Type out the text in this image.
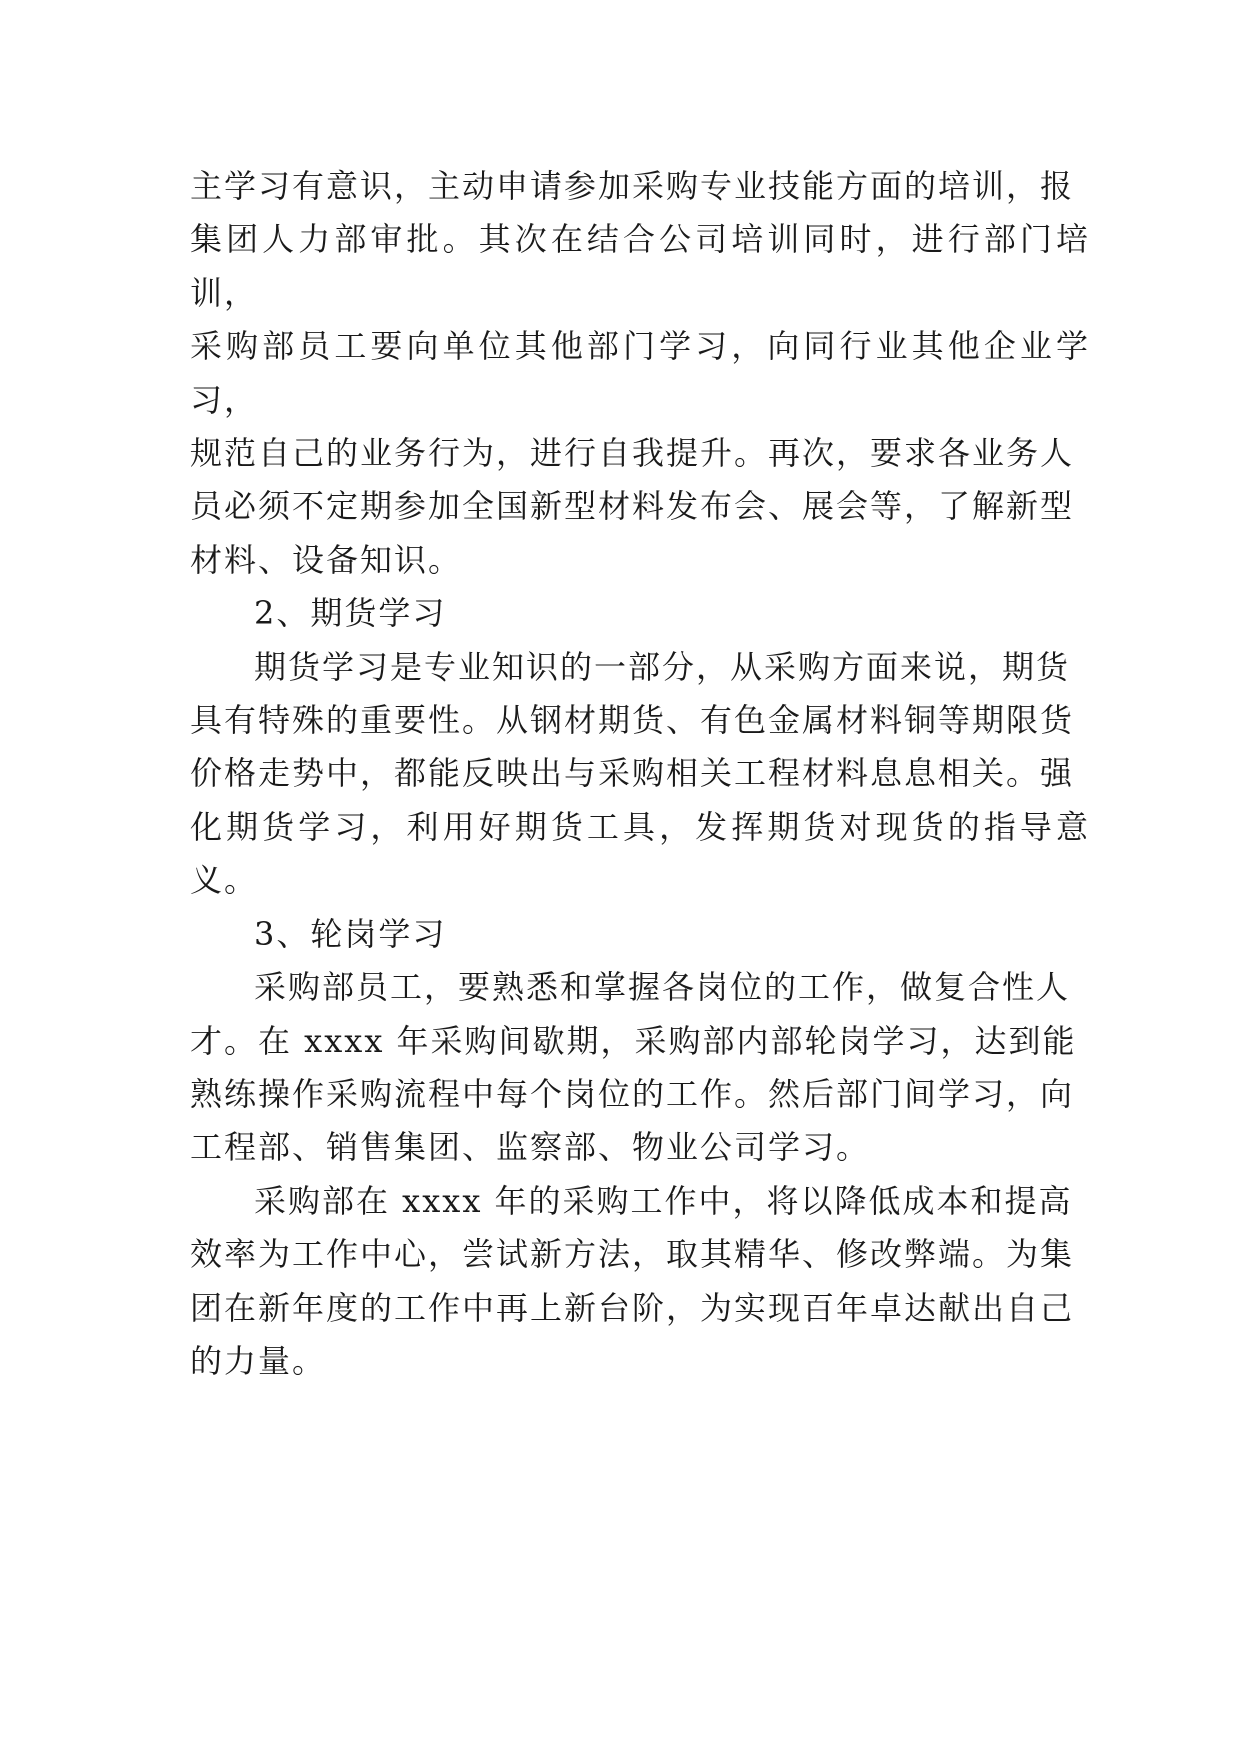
主学习有意识，主动申请参加采购专业技能方面的培训，报
集团人力部审批。其次在结合公司培训同时，进行部门培训，
采购部员工要向单位其他部门学习，向同行业其他企业学习，
规范自己的业务行为，进行自我提升。再次，要求各业务人
员必须不定期参加全国新型材料发布会、展会等，了解新型
材料、设备知识。

2、期货学习

期货学习是专业知识的一部分，从采购方面来说，期货
具有特殊的重要性。从钢材期货、有色金属材料铜等期限货
价格走势中，都能反映出与采购相关工程材料息息相关。强
化期货学习，利用好期货工具，发挥期货对现货的指导意义。

3、轮岗学习

采购部员工，要熟悉和掌握各岗位的工作，做复合性人
才。在 xxxx 年采购间歇期，采购部内部轮岗学习，达到能
熟练操作采购流程中每个岗位的工作。然后部门间学习，向
工程部、销售集团、监察部、物业公司学习。

采购部在 xxxx 年的采购工作中，将以降低成本和提高
效率为工作中心，尝试新方法，取其精华、修改弊端。为集
团在新年度的工作中再上新台阶，为实现百年卓达献出自己
的力量。
